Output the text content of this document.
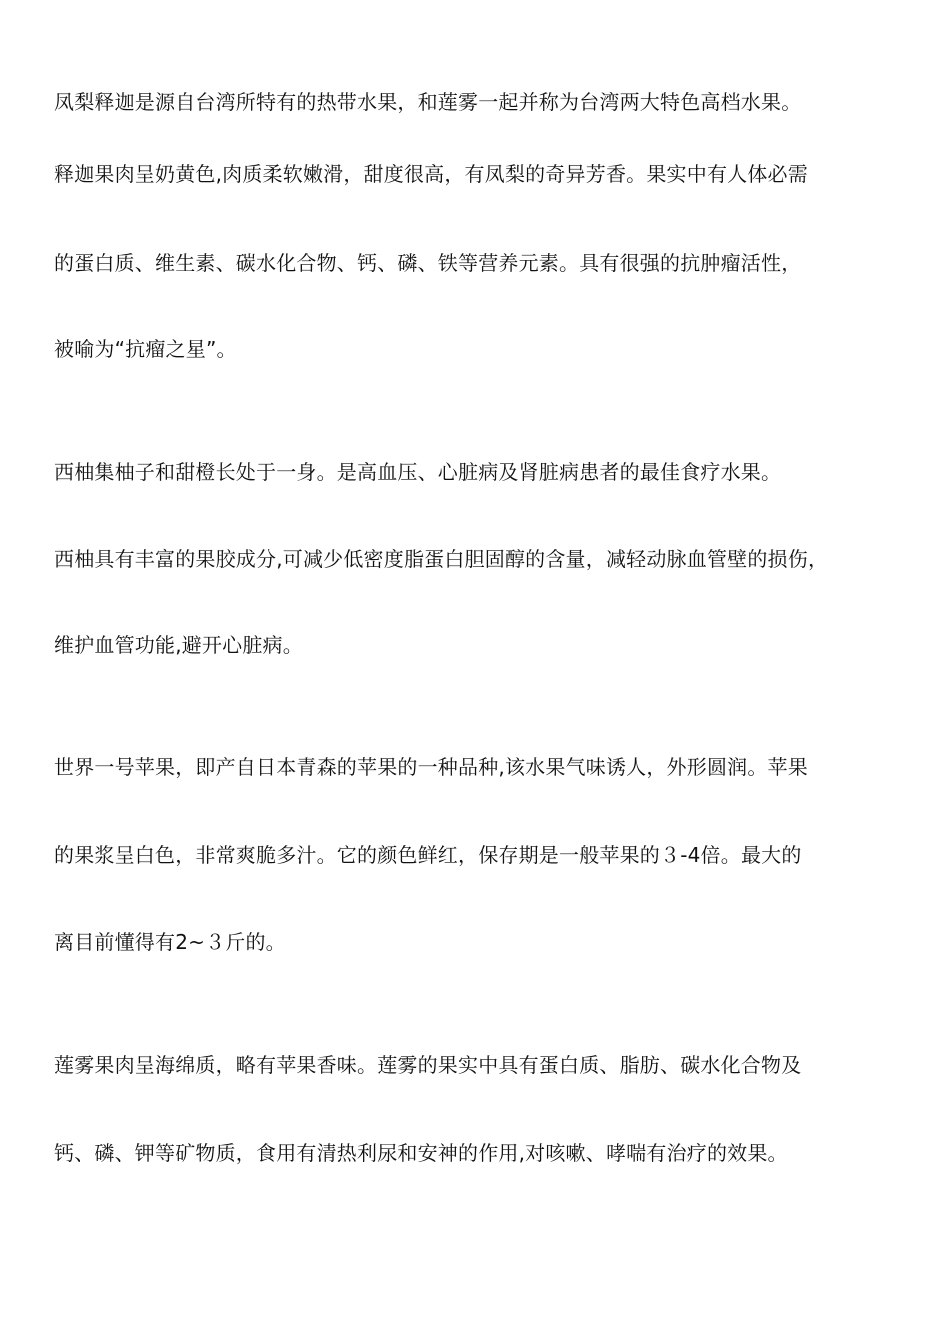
凤梨释迦是源自台湾所特有的热带水果，和莲雾一起并称为台湾两大特色高档水果。
释迦果肉呈奶黄色,肉质柔软嫩滑，甜度很高，有凤梨的奇异芳香。果实中有人体必需
的蛋白质、维生素、碳水化合物、钙、磷、铁等营养元素。具有很强的抗肿瘤活性，
被喻为“抗瘤之星”。
西柚集柚子和甜橙长处于一身。是高血压、心脏病及肾脏病患者的最佳食疗水果。
西柚具有丰富的果胶成分,可减少低密度脂蛋白胆固醇的含量，减轻动脉血管壁的损伤，
维护血管功能,避开心脏病。
世界一号苹果，即产自日本青森的苹果的一种品种,该水果气味诱人，外形圆润。苹果
的果浆呈白色，非常爽脆多汁。它的颜色鲜红，保存期是一般苹果的３-4倍。最大的
离目前懂得有2~３斤的。
莲雾果肉呈海绵质，略有苹果香味。莲雾的果实中具有蛋白质、脂肪、碳水化合物及
钙、磷、钾等矿物质，食用有清热利尿和安神的作用,对咳嗽、哮喘有治疗的效果。
